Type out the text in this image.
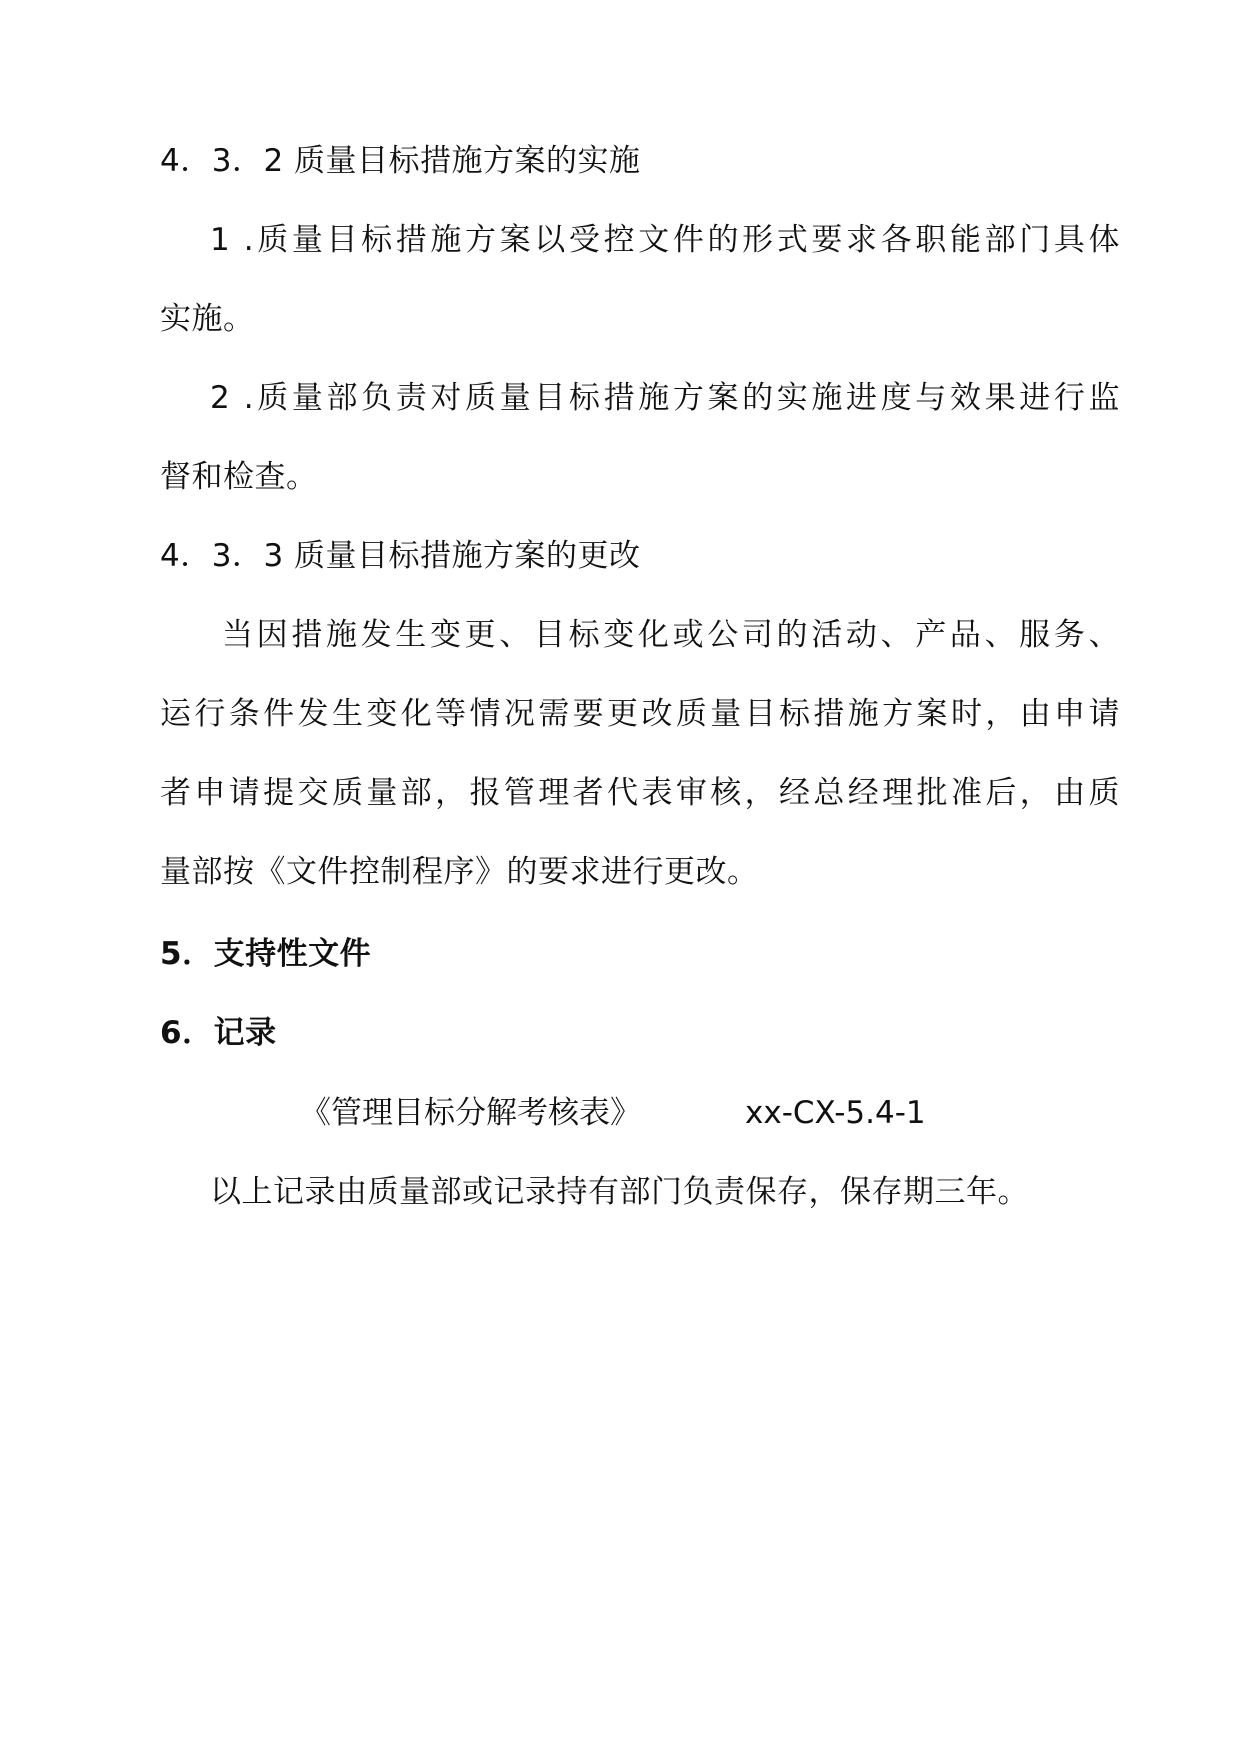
4．3．2 质量目标措施方案的实施
1 .质量目标措施方案以受控文件的形式要求各职能部门具体
实施。
2 .质量部负责对质量目标措施方案的实施进度与效果进行监
督和检查。
4．3．3 质量目标措施方案的更改
当因措施发生变更、目标变化或公司的活动、产品、服务、
运行条件发生变化等情况需要更改质量目标措施方案时，由申请
者申请提交质量部，报管理者代表审核，经总经理批准后，由质
量部按《文件控制程序》的要求进行更改。
5．支持性文件
6．记录
《管理目标分解考核表》	xx-CX-5.4-1
以上记录由质量部或记录持有部门负责保存，保存期三年。
